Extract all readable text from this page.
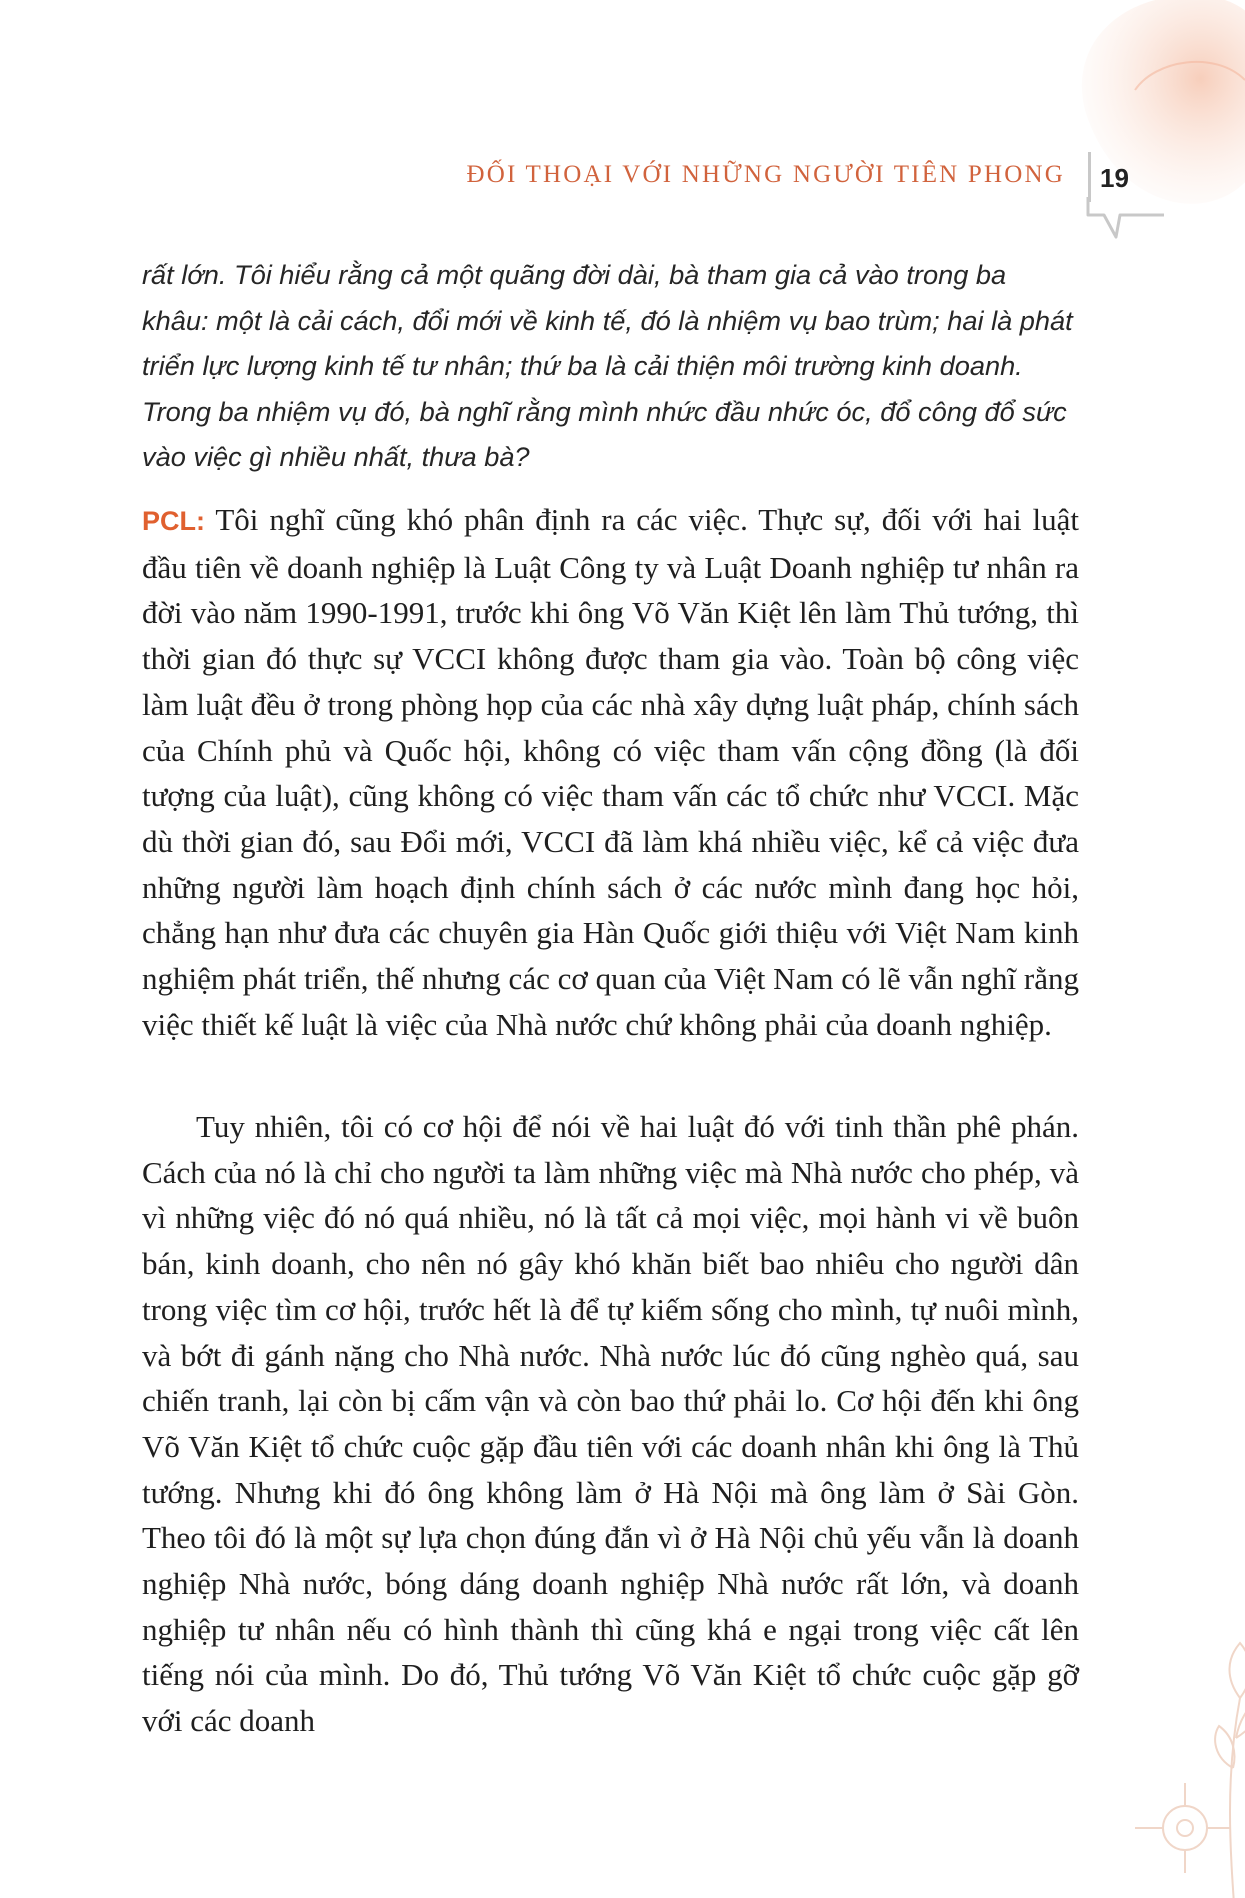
ĐỐI THOẠI VỚI NHỮNG NGƯỜI TIÊN PHONG 19

rất lớn. Tôi hiểu rằng cả một quãng đời dài, bà tham gia cả vào trong ba khâu: một là cải cách, đổi mới về kinh tế, đó là nhiệm vụ bao trùm; hai là phát triển lực lượng kinh tế tư nhân; thứ ba là cải thiện môi trường kinh doanh. Trong ba nhiệm vụ đó, bà nghĩ rằng mình nhức đầu nhức óc, đổ công đổ sức vào việc gì nhiều nhất, thưa bà?

PCL: Tôi nghĩ cũng khó phân định ra các việc. Thực sự, đối với hai luật đầu tiên về doanh nghiệp là Luật Công ty và Luật Doanh nghiệp tư nhân ra đời vào năm 1990-1991, trước khi ông Võ Văn Kiệt lên làm Thủ tướng, thì thời gian đó thực sự VCCI không được tham gia vào. Toàn bộ công việc làm luật đều ở trong phòng họp của các nhà xây dựng luật pháp, chính sách của Chính phủ và Quốc hội, không có việc tham vấn cộng đồng (là đối tượng của luật), cũng không có việc tham vấn các tổ chức như VCCI. Mặc dù thời gian đó, sau Đổi mới, VCCI đã làm khá nhiều việc, kể cả việc đưa những người làm hoạch định chính sách ở các nước mình đang học hỏi, chẳng hạn như đưa các chuyên gia Hàn Quốc giới thiệu với Việt Nam kinh nghiệm phát triển, thế nhưng các cơ quan của Việt Nam có lẽ vẫn nghĩ rằng việc thiết kế luật là việc của Nhà nước chứ không phải của doanh nghiệp.

Tuy nhiên, tôi có cơ hội để nói về hai luật đó với tinh thần phê phán. Cách của nó là chỉ cho người ta làm những việc mà Nhà nước cho phép, và vì những việc đó nó quá nhiều, nó là tất cả mọi việc, mọi hành vi về buôn bán, kinh doanh, cho nên nó gây khó khăn biết bao nhiêu cho người dân trong việc tìm cơ hội, trước hết là để tự kiếm sống cho mình, tự nuôi mình, và bớt đi gánh nặng cho Nhà nước. Nhà nước lúc đó cũng nghèo quá, sau chiến tranh, lại còn bị cấm vận và còn bao thứ phải lo. Cơ hội đến khi ông Võ Văn Kiệt tổ chức cuộc gặp đầu tiên với các doanh nhân khi ông là Thủ tướng. Nhưng khi đó ông không làm ở Hà Nội mà ông làm ở Sài Gòn. Theo tôi đó là một sự lựa chọn đúng đắn vì ở Hà Nội chủ yếu vẫn là doanh nghiệp Nhà nước, bóng dáng doanh nghiệp Nhà nước rất lớn, và doanh nghiệp tư nhân nếu có hình thành thì cũng khá e ngại trong việc cất lên tiếng nói của mình. Do đó, Thủ tướng Võ Văn Kiệt tổ chức cuộc gặp gỡ với các doanh
